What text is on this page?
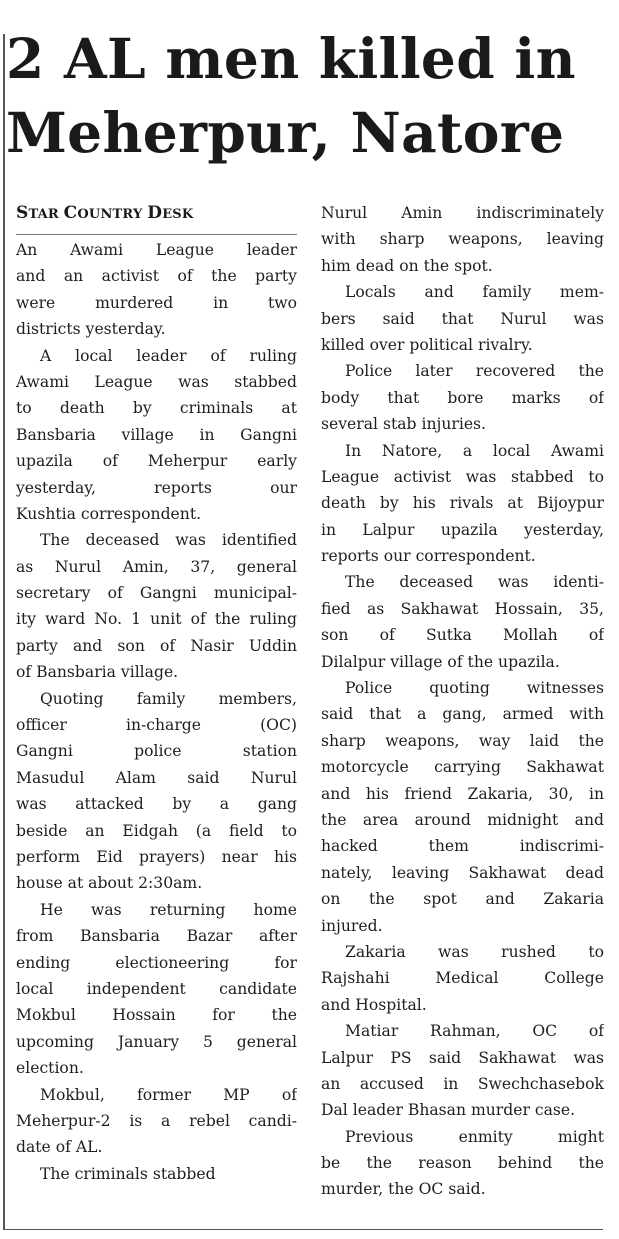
2 AL men killed in
Meherpur, Natore
STAR COUNTRY DESK
An Awami League leader
and an activist of the party
were murdered in two
districts yesterday.
A local leader of ruling
Awami League was stabbed
to death by criminals at
Bansbaria village in Gangni
upazila of Meherpur early
yesterday, reports our
Kushtia correspondent.
The deceased was identified
as Nurul Amin, 37, general
secretary of Gangni municipal-
ity ward No. 1 unit of the ruling
party and son of Nasir Uddin
of Bansbaria village.
Quoting family members,
officer in-charge (OC)
Gangni police station
Masudul Alam said Nurul
was attacked by a gang
beside an Eidgah (a field to
perform Eid prayers) near his
house at about 2:30am.
He was returning home
from Bansbaria Bazar after
ending electioneering for
local independent candidate
Mokbul Hossain for the
upcoming January 5 general
election.
Mokbul, former MP of
Meherpur-2 is a rebel candi-
date of AL.
The criminals stabbed
Nurul Amin indiscriminately
with sharp weapons, leaving
him dead on the spot.
Locals and family mem-
bers said that Nurul was
killed over political rivalry.
Police later recovered the
body that bore marks of
several stab injuries.
In Natore, a local Awami
League activist was stabbed to
death by his rivals at Bijoypur
in Lalpur upazila yesterday,
reports our correspondent.
The deceased was identi-
fied as Sakhawat Hossain, 35,
son of Sutka Mollah of
Dilalpur village of the upazila.
Police quoting witnesses
said that a gang, armed with
sharp weapons, way laid the
motorcycle carrying Sakhawat
and his friend Zakaria, 30, in
the area around midnight and
hacked them indiscrimi-
nately, leaving Sakhawat dead
on the spot and Zakaria
injured.
Zakaria was rushed to
Rajshahi Medical College
and Hospital.
Matiar Rahman, OC of
Lalpur PS said Sakhawat was
an accused in Swechchasebok
Dal leader Bhasan murder case.
Previous enmity might
be the reason behind the
murder, the OC said.
